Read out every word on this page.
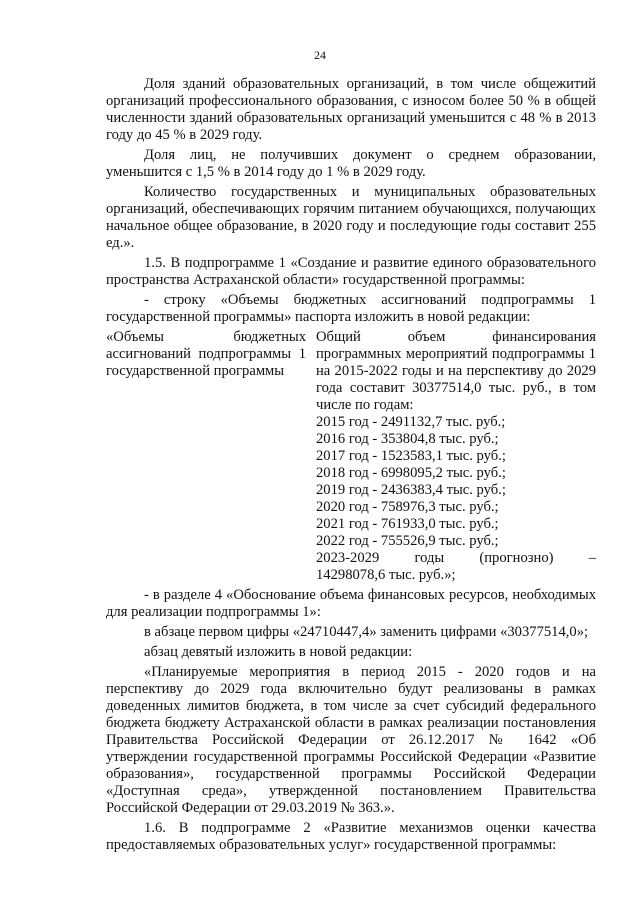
24

Доля зданий образовательных организаций, в том числе общежитий организаций профессионального образования, с износом более 50 % в общей численности зданий образовательных организаций уменьшится с 48 % в 2013 году до 45 % в 2029 году.

Доля лиц, не получивших документ о среднем образовании, уменьшится с 1,5 % в 2014 году до 1 % в 2029 году.

Количество государственных и муниципальных образовательных организаций, обеспечивающих горячим питанием обучающихся, получающих начальное общее образование, в 2020 году и последующие годы составит 255 ед.».

1.5. В подпрограмме 1 «Создание и развитие единого образовательного пространства Астраханской области» государственной программы:

- строку «Объемы бюджетных ассигнований подпрограммы 1 государственной программы» паспорта изложить в новой редакции:

«Объемы бюджетных ассигнований подпрограммы 1 государственной программы
Общий объем финансирования программных мероприятий подпрограммы 1 на 2015-2022 годы и на перспективу до 2029 года составит 30377514,0 тыс. руб., в том числе по годам:
2015 год - 2491132,7 тыс. руб.;
2016 год - 353804,8 тыс. руб.;
2017 год - 1523583,1 тыс. руб.;
2018 год - 6998095,2 тыс. руб.;
2019 год - 2436383,4 тыс. руб.;
2020 год - 758976,3 тыс. руб.;
2021 год - 761933,0 тыс. руб.;
2022 год - 755526,9 тыс. руб.;
2023-2029 годы (прогнозно) –
14298078,6 тыс. руб.»;

- в разделе 4 «Обоснование объема финансовых ресурсов, необходимых для реализации подпрограммы 1»:

в абзаце первом цифры «24710447,4» заменить цифрами «30377514,0»;

абзац девятый изложить в новой редакции:

«Планируемые мероприятия в период 2015 - 2020 годов и на перспективу до 2029 года включительно будут реализованы в рамках доведенных лимитов бюджета, в том числе за счет субсидий федерального бюджета бюджету Астраханской области в рамках реализации постановления Правительства Российской Федерации от 26.12.2017 № 1642 «Об утверждении государственной программы Российской Федерации «Развитие образования», государственной программы Российской Федерации «Доступная среда», утвержденной постановлением Правительства Российской Федерации от 29.03.2019 № 363.».

1.6. В подпрограмме 2 «Развитие механизмов оценки качества предоставляемых образовательных услуг» государственной программы:
